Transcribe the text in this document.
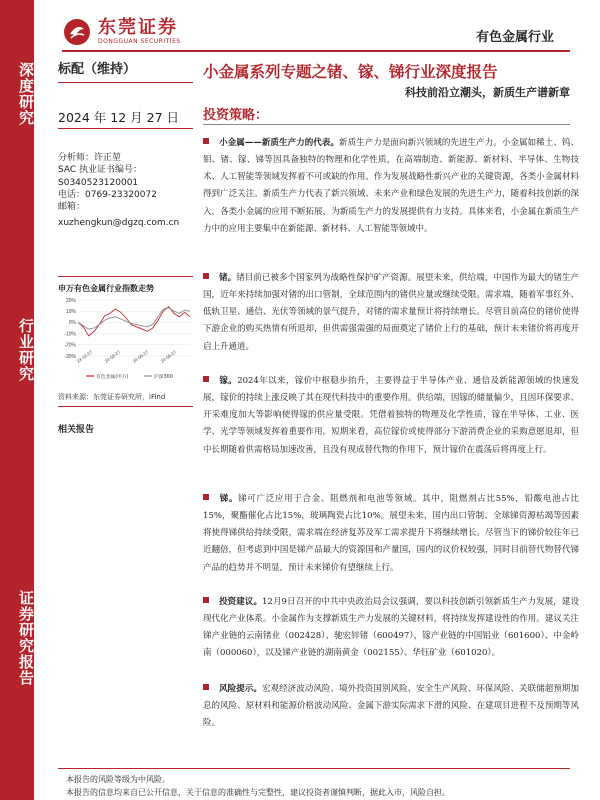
深度研究
行业研究
证券研究报告
东莞证券
DONGGUAN SECURITIES	有色金属行业
标配（维持）
2024 年 12 月 27 日
分析师：许正堃
SAC 执业证书编号：
S0340523120001
电话：0769-23320072
邮箱：
xuzhengkun@dgzq.com.cn
申万有色金属行业指数走势
20%
10%
0%
-10%
-20%
-30% 23-12-27 24-03-27 24-06-27 24-09-27
有色金属(申万)	沪深300
资料来源：东莞证券研究所，iFind
相关报告
小金属系列专题之锗、镓、锑行业深度报告
科技前沿立潮头，新质生产谱新章
投资策略：
小金属——新质生产力的代表。新质生产力是面向新兴领域的先进生产力。小金属如稀土、钨、钼、锗、镓、锑等因具备独特的物理和化学性质，在高端制造、新能源、新材料、半导体、生物技术、人工智能等领域发挥着不可或缺的作用。作为发展战略性新兴产业的关键资源，各类小金属材料得到广泛关注。新质生产力代表了新兴领域、未来产业和绿色发展的先进生产力，随着科技创新的深入，各类小金属的应用不断拓展，为新质生产力的发展提供有力支持。具体来看，小金属在新质生产力中的应用主要集中在新能源、新材料、人工智能等领域中。
锗。锗目前已被多个国家列为战略性保护矿产资源。展望未来，供给端，中国作为最大的锗生产国，近年来持续加强对锗的出口管制，全球范围内的锗供应量或继续受限。需求端，随着军事红外、低轨卫星、通信、光伏等领域的景气提升，对锗的需求量预计将持续增长。尽管目前高位的锗价使得下游企业的购买热情有所退却，但供需强需强的局面奠定了锗价上行的基础，预计未来锗价将再度开启上升通道。
镓。2024年以来，镓价中枢稳步抬升，主要得益于半导体产业、通信及新能源领域的快速发展，镓价的持续上涨反映了其在现代科技中的重要作用。供给端，因镓的储量偏少，且因环保要求、开采难度加大等影响使得镓的供应量受限。凭借着独特的物理及化学性质，镓在半导体、工业、医学、光学等领域发挥着重要作用。短期来看，高位镓价或使得部分下游消费企业的采购意愿退却，但中长期随着供需格局加速改善，且没有现成替代物的作用下，预计镓价在震荡后将再度上行。
锑。锑可广泛应用于合金、阻燃剂和电池等领域。其中，阻燃剂占比55%，铅酸电池占比15%，聚酯催化占比15%，玻璃陶瓷占比10%。展望未来，国内出口管制、全球锑资源枯竭等因素将使得锑供给持续受限，需求端在经济复苏及军工需求提升下将继续增长。尽管当下的锑价较往年已近翻倍，但考虑到中国是锑产品最大的资源国和产量国，国内的议价权较强，同时目前替代物替代锑产品的趋势并不明显，预计未来锑价有望继续上行。
投资建议。12月9日召开的中共中央政治局会议强调，要以科技创新引领新质生产力发展，建设现代化产业体系。小金属作为支撑新质生产力发展的关键材料，将持续发挥建设性的作用。建议关注锑产业链的云南锗业（002428）、驰宏锌锗（600497），镓产业链的中国铝业（601600）、中金岭南（000060），以及锑产业链的湖南黄金（002155）、华钰矿业（601020）。
风险提示。宏观经济波动风险、境外投资国别风险、安全生产风险、环保风险、关联储超预期加息的风险、原材料和能源价格波动风险、金属下游实际需求下滑的风险、在建项目进程不及预期等风险。
本报告的风险等级为中风险。
本报告的信息均来自已公开信息，关于信息的准确性与完整性，建议投资者谨慎判断，据此入市，风险自担。
